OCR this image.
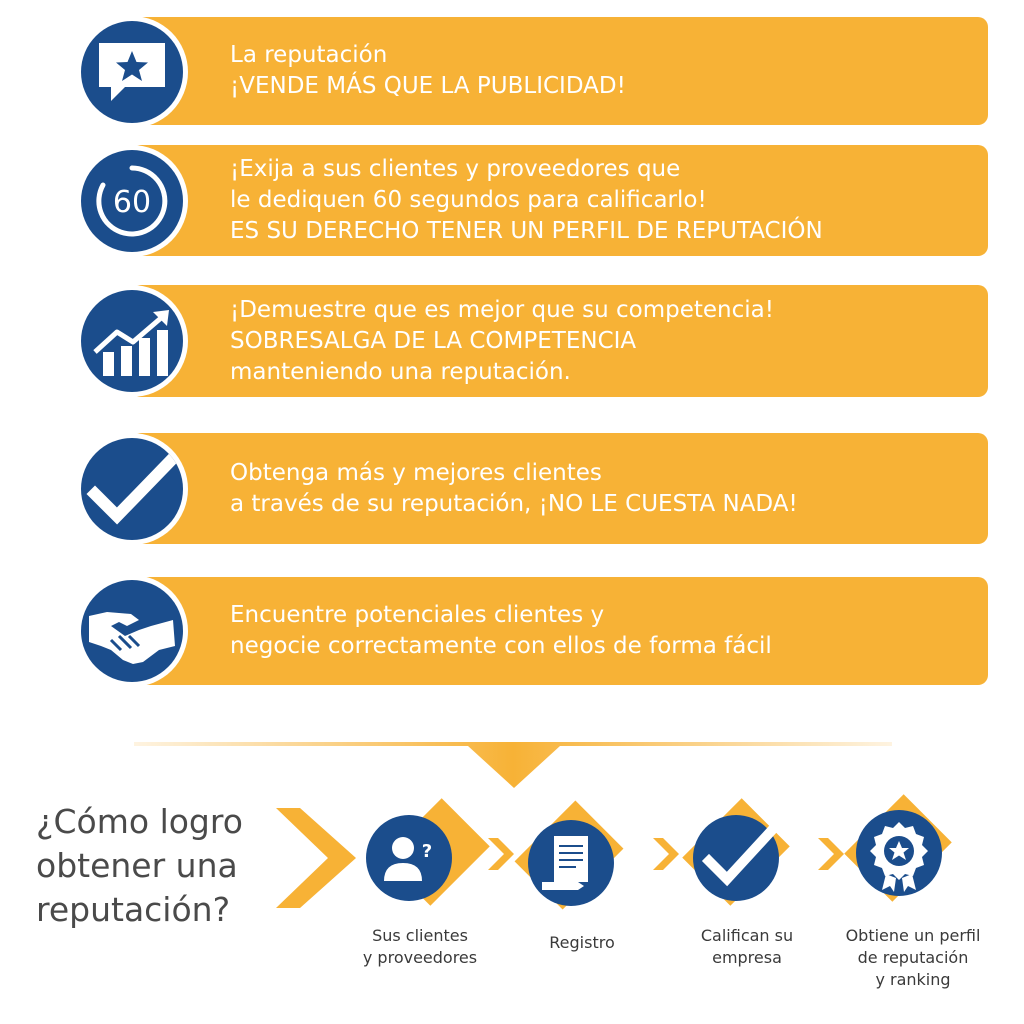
La reputación
¡VENDE MÁS QUE LA PUBLICIDAD!
¡Exija a sus clientes y proveedores que
le dediquen 60 segundos para calificarlo!
ES SU DERECHO TENER UN PERFIL DE REPUTACIÓN
60
¡Demuestre que es mejor que su competencia!
SOBRESALGA DE LA COMPETENCIA
manteniendo una reputación.
Obtenga más y mejores clientes
a través de su reputación, ¡NO LE CUESTA NADA!
Encuentre potenciales clientes y
negocie correctamente con ellos de forma fácil
¿Cómo logro
obtener una
reputación?
?
Sus clientes
y proveedores
Registro	Califican su
empresa
Obtiene un perfil
de reputación
y ranking
